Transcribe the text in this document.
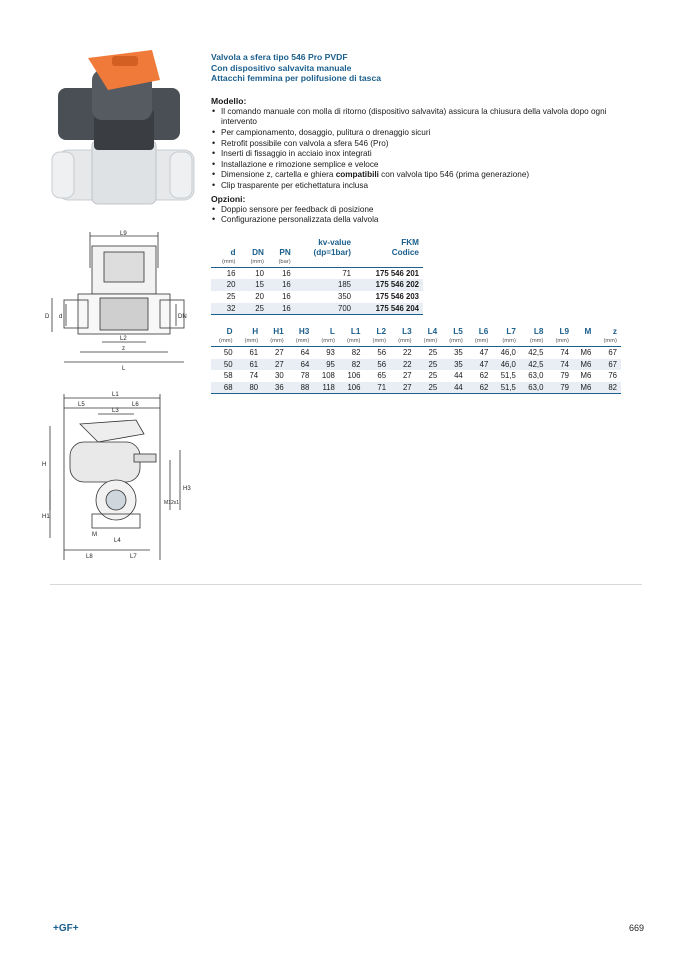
L9
D d	DN
L2
z
L
L1
L5	L6
L3
H
H1
M12x1
H3
M
L4
L8	L7
Valvola a sfera tipo 546 Pro PVDF
Con dispositivo salvavita manuale
Attacchi femmina per polifusione di tasca
Modello:
• Il comando manuale con molla di ritorno (dispositivo salvavita) assicura la chiusura della valvola dopo ogni intervento
• Per campionamento, dosaggio, pulitura o drenaggio sicuri
• Retrofit possibile con valvola a sfera 546 (Pro)
• Inserti di fissaggio in acciaio inox integrati
• Installazione e rimozione semplice e veloce
• Dimensione z, cartella e ghiera compatibili con valvola tipo 546 (prima generazione)
• Clip trasparente per etichettatura inclusa
Opzioni:
• Doppio sensore per feedback di posizione
• Configurazione personalizzata della valvola
d	DN	PN	kv-value
(dp=1bar)	FKM
Codice
(mm)	(mm)	(bar)		
16	10	16	71	175 546 201
20	15	16	185	175 546 202
25	20	16	350	175 546 203
32	25	16	700	175 546 204
D	H	H1	H3	L	L1	L2	L3	L4	L5	L6	L7	L8	L9	M	z
(mm)	(mm)	(mm)	(mm)	(mm)	(mm)	(mm)	(mm)	(mm)	(mm)	(mm)	(mm)	(mm)	(mm)		(mm)
50	61	27	64	93	82	56	22	25	35	47	46,0	42,5	74	M6	67
50	61	27	64	95	82	56	22	25	35	47	46,0	42,5	74	M6	67
58	74	30	78	108	106	65	27	25	44	62	51,5	63,0	79	M6	76
68	80	36	88	118	106	71	27	25	44	62	51,5	63,0	79	M6	82
+GF+	669
